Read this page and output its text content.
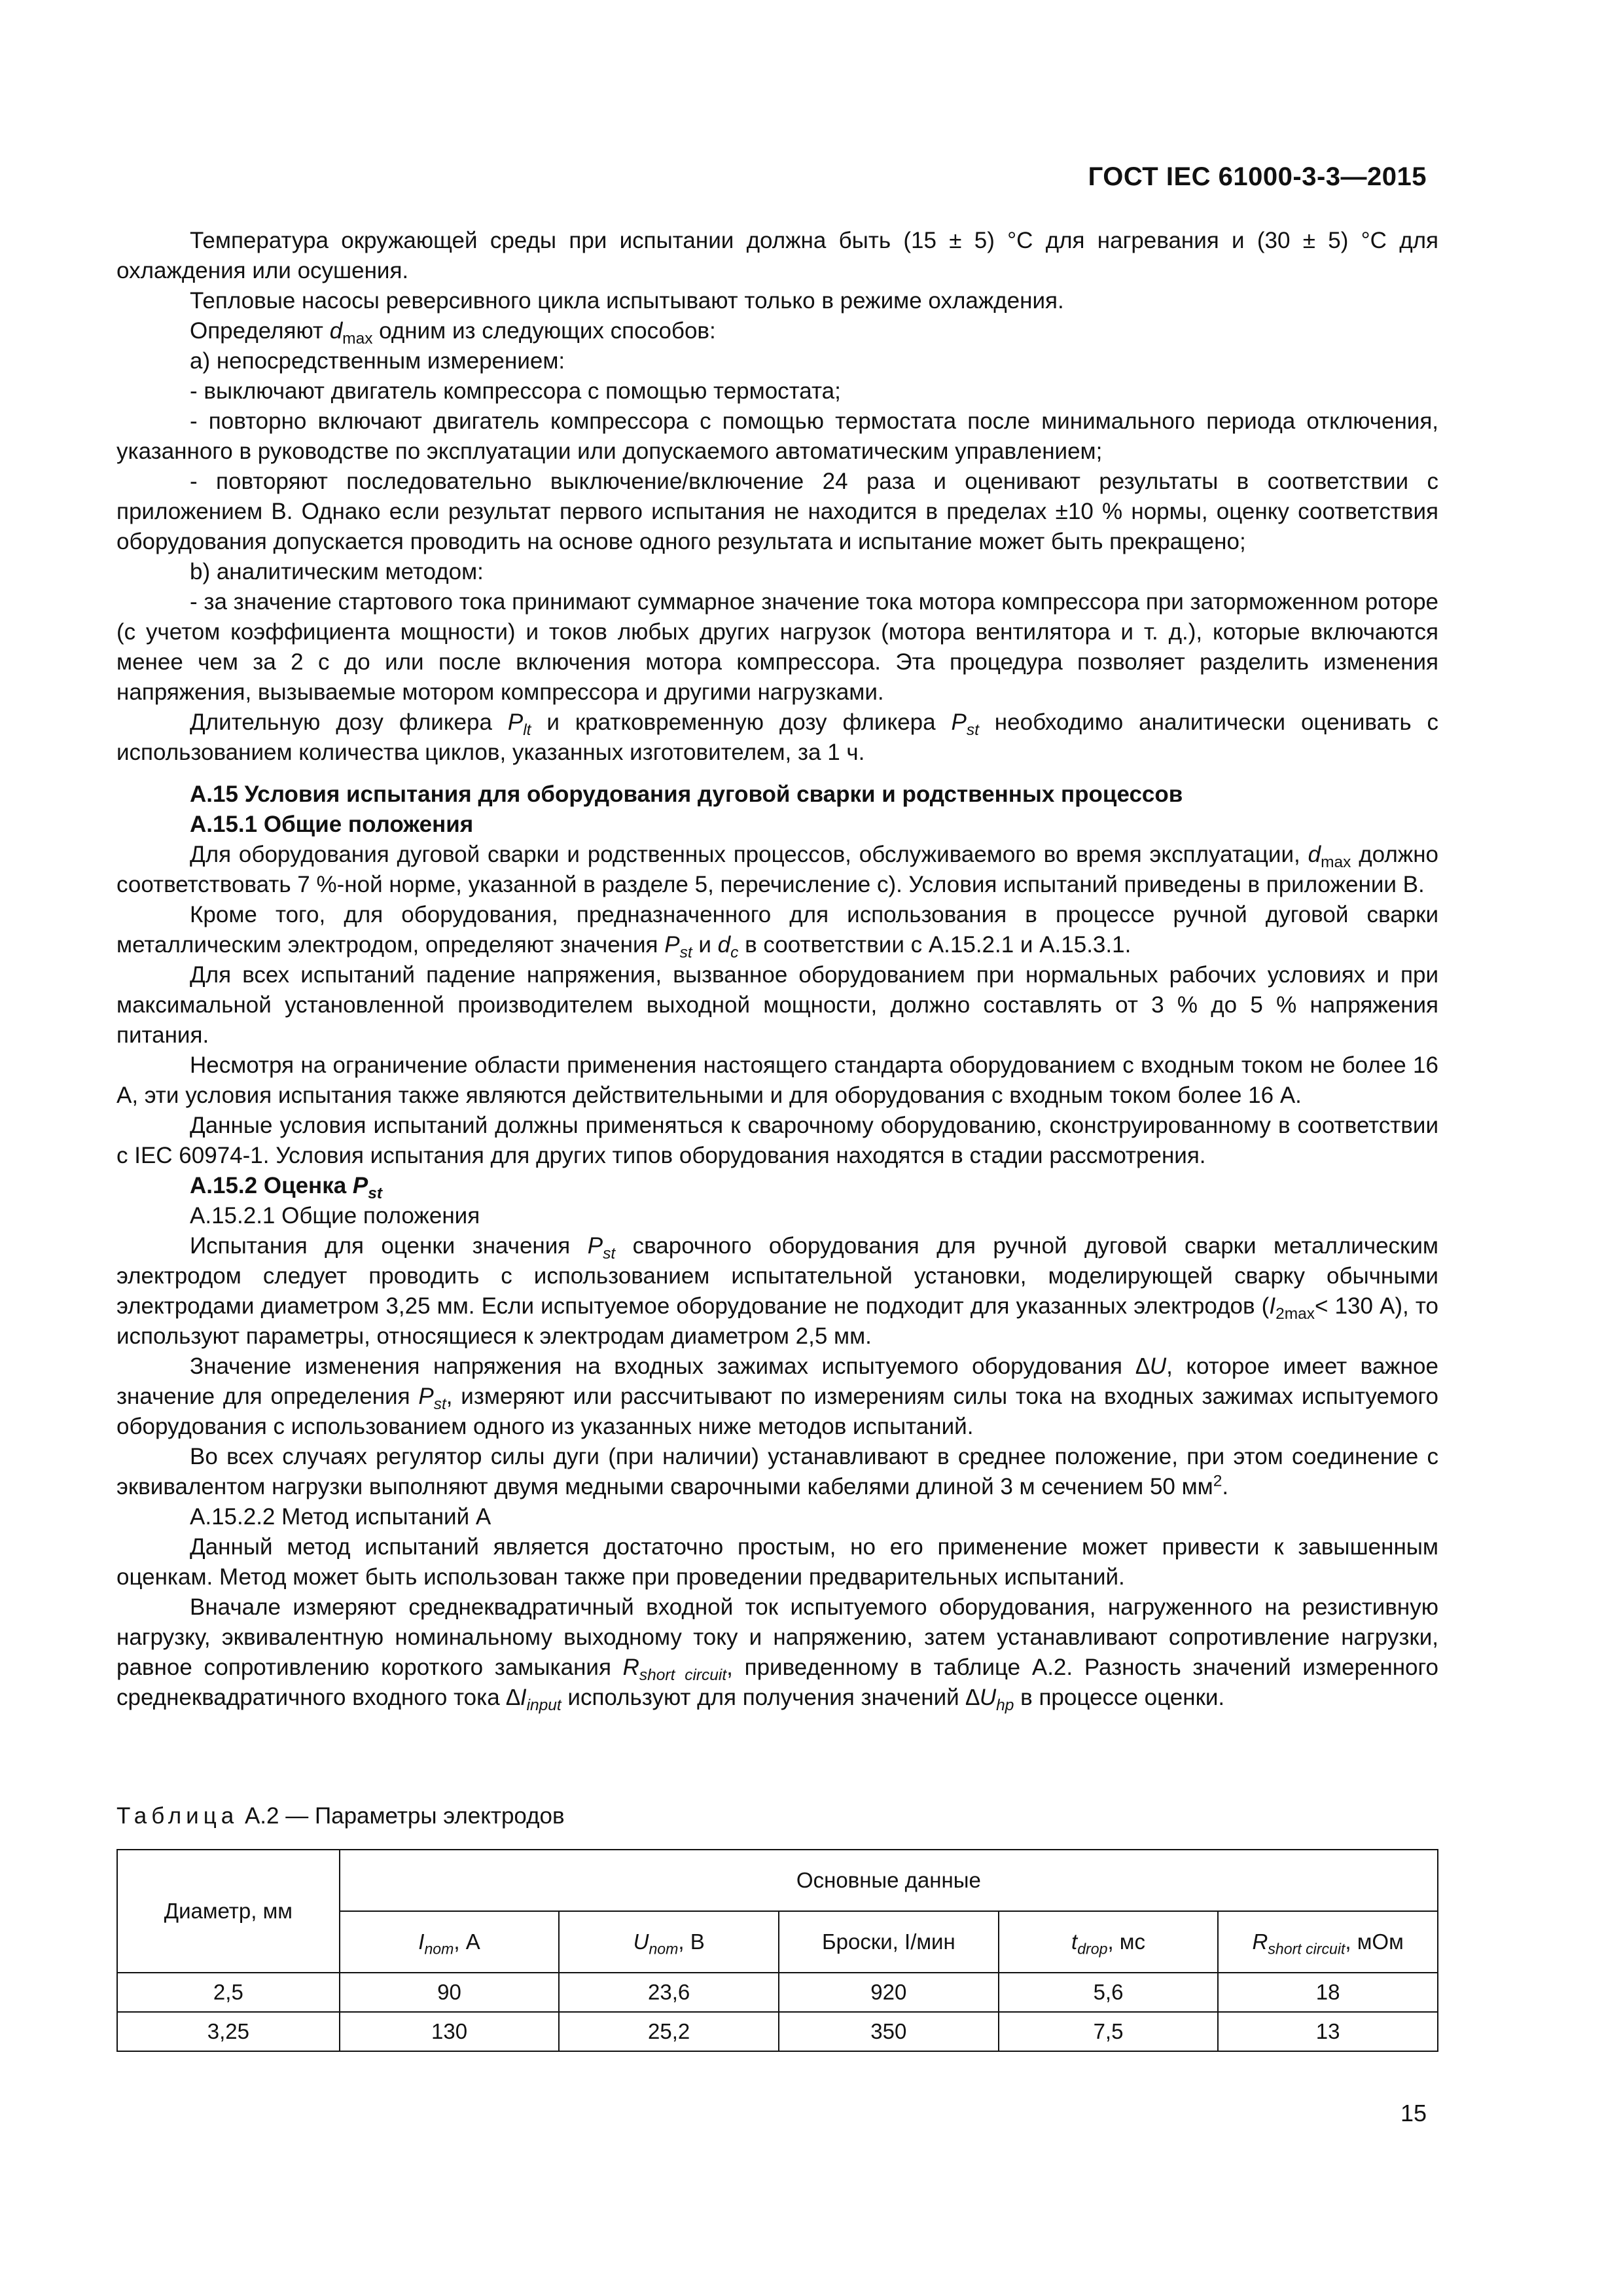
ГОСТ IEC 61000-3-3—2015

Температура окружающей среды при испытании должна быть (15 ± 5) °С для нагревания и (30 ± 5) °С для охлаждения или осушения.

Тепловые насосы реверсивного цикла испытывают только в режиме охлаждения.

Определяют $d_{max}$ одним из следующих способов:

а) непосредственным измерением:

- выключают двигатель компрессора с помощью термостата;

- повторно включают двигатель компрессора с помощью термостата после минимального периода отключения, указанного в руководстве по эксплуатации или допускаемого автоматическим управлением;

- повторяют последовательно выключение/включение 24 раза и оценивают результаты в соответствии с приложением В. Однако если результат первого испытания не находится в пределах ±10 % нормы, оценку соответствия оборудования допускается проводить на основе одного результата и испытание может быть прекращено;

b) аналитическим методом:

- за значение стартового тока принимают суммарное значение тока мотора компрессора при заторможенном роторе (с учетом коэффициента мощности) и токов любых других нагрузок (мотора вентилятора и т. д.), которые включаются менее чем за 2 с до или после включения мотора компрессора. Эта процедура позволяет разделить изменения напряжения, вызываемые мотором компрессора и другими нагрузками.

Длительную дозу фликера $P_{lt}$ и кратковременную дозу фликера $P_{st}$ необходимо аналитически оценивать с использованием количества циклов, указанных изготовителем, за 1 ч.

А.15 Условия испытания для оборудования дуговой сварки и родственных процессов
А.15.1 Общие положения

Для оборудования дуговой сварки и родственных процессов, обслуживаемого во время эксплуатации, $d_{max}$ должно соответствовать 7 %-ной норме, указанной в разделе 5, перечисление с). Условия испытаний приведены в приложении В.

Кроме того, для оборудования, предназначенного для использования в процессе ручной дуговой сварки металлическим электродом, определяют значения $P_{st}$ и $d_c$ в соответствии с А.15.2.1 и А.15.3.1.

Для всех испытаний падение напряжения, вызванное оборудованием при нормальных рабочих условиях и при максимальной установленной производителем выходной мощности, должно составлять от 3 % до 5 % напряжения питания.

Несмотря на ограничение области применения настоящего стандарта оборудованием с входным током не более 16 А, эти условия испытания также являются действительными и для оборудования с входным током более 16 А.

Данные условия испытаний должны применяться к сварочному оборудованию, сконструированному в соответствии с IEC 60974-1. Условия испытания для других типов оборудования находятся в стадии рассмотрения.

А.15.2 Оценка $P_{st}$

А.15.2.1 Общие положения

Испытания для оценки значения $P_{st}$ сварочного оборудования для ручной дуговой сварки металлическим электродом следует проводить с использованием испытательной установки, моделирующей сварку обычными электродами диаметром 3,25 мм. Если испытуемое оборудование не подходит для указанных электродов ($I_{2max}< 130$ А), то используют параметры, относящиеся к электродам диаметром 2,5 мм.

Значение изменения напряжения на входных зажимах испытуемого оборудования ∆U, которое имеет важное значение для определения $P_{st}$, измеряют или рассчитывают по измерениям силы тока на входных зажимах испытуемого оборудования с использованием одного из указанных ниже методов испытаний.

Во всех случаях регулятор силы дуги (при наличии) устанавливают в среднее положение, при этом соединение с эквивалентом нагрузки выполняют двумя медными сварочными кабелями длиной 3 м сечением 50 $мм^2$.

А.15.2.2 Метод испытаний А

Данный метод испытаний является достаточно простым, но его применение может привести к завышенным оценкам. Метод может быть использован также при проведении предварительных испытаний.

Вначале измеряют среднеквадратичный входной ток испытуемого оборудования, нагруженного на резистивную нагрузку, эквивалентную номинальному выходному току и напряжению, затем устанавливают сопротивление нагрузки, равное сопротивлению короткого замыкания $R_{short circuit}$, приведенному в таблице А.2. Разность значений измеренного среднеквадратичного входного тока $\Delta I_{input}$ используют для получения значений $\Delta U_{hp}$ в процессе оценки.

Таблица А.2 — Параметры электродов
Диаметр, мм	Основные данные				
	$I_{nom}$, А	$U_{nom}$, В	Броски, I/мин	$t_{drop}$, мс	$R_{short circuit}$, мОм
2,5	90	23,6	920	5,6	18
3,25	130	25,2	350	7,5	13
15
